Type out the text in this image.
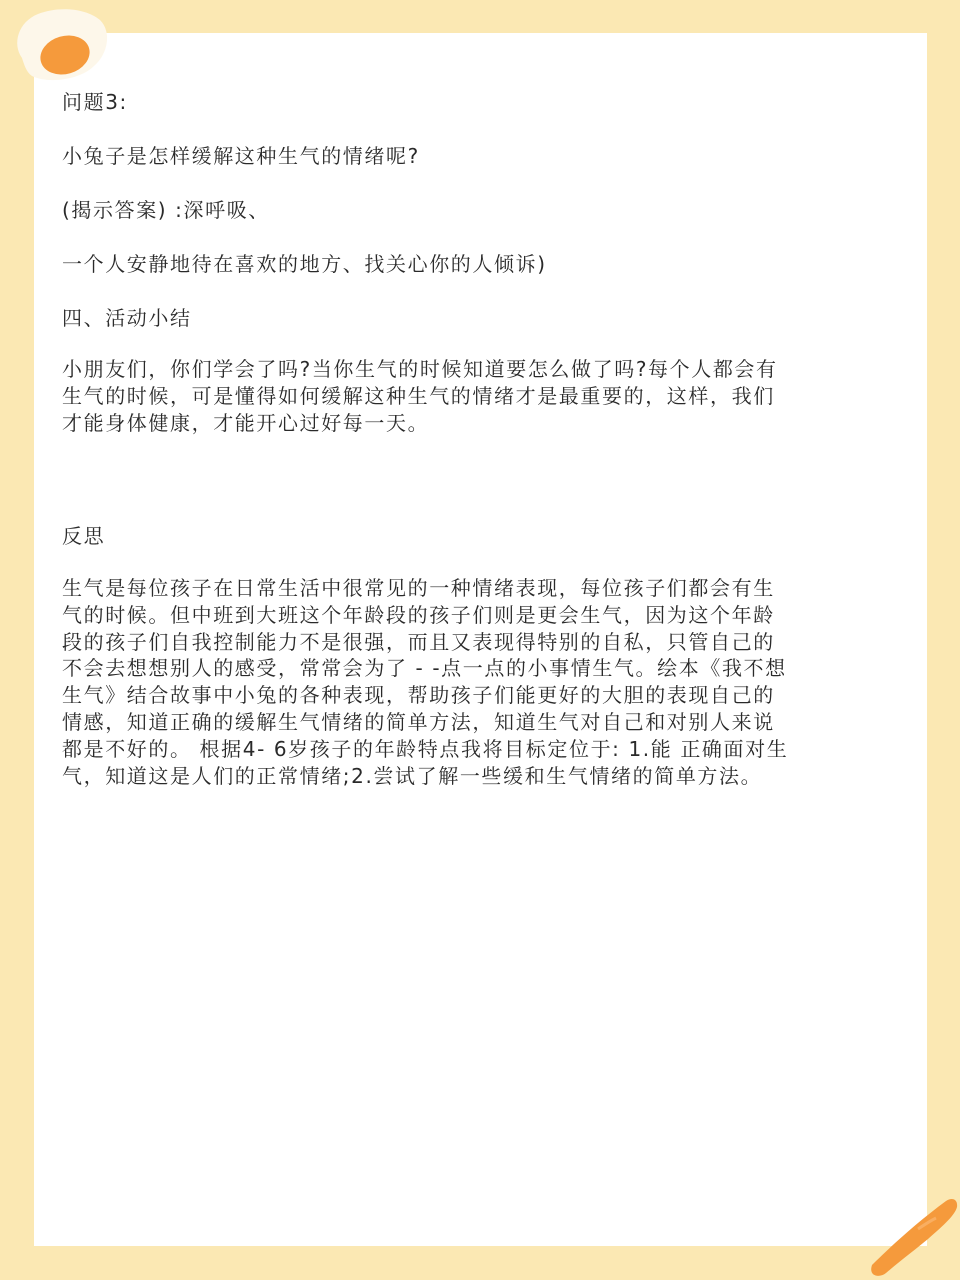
问题3:

小兔子是怎样缓解这种生气的情绪呢?

(揭示答案) :深呼吸、

一个人安静地待在喜欢的地方、找关心你的人倾诉)

四、活动小结

小朋友们，你们学会了吗?当你生气的时候知道要怎么做了吗?每个人都会有
生气的时候，可是懂得如何缓解这种生气的情绪才是最重要的，这样，我们
才能身体健康，才能开心过好每一天。

反思

生气是每位孩子在日常生活中很常见的一种情绪表现，每位孩子们都会有生
气的时候。但中班到大班这个年龄段的孩子们则是更会生气，因为这个年龄
段的孩子们自我控制能力不是很强，而且又表现得特别的自私，只管自己的
不会去想想别人的感受，常常会为了 - -点一点的小事情生气。绘本《我不想
生气》结合故事中小兔的各种表现，帮助孩子们能更好的大胆的表现自己的
情感，知道正确的缓解生气情绪的简单方法，知道生气对自己和对别人来说
都是不好的。 根据4- 6岁孩子的年龄特点我将目标定位于: 1.能 正确面对生
气，知道这是人们的正常情绪;2.尝试了解一些缓和生气情绪的简单方法。
